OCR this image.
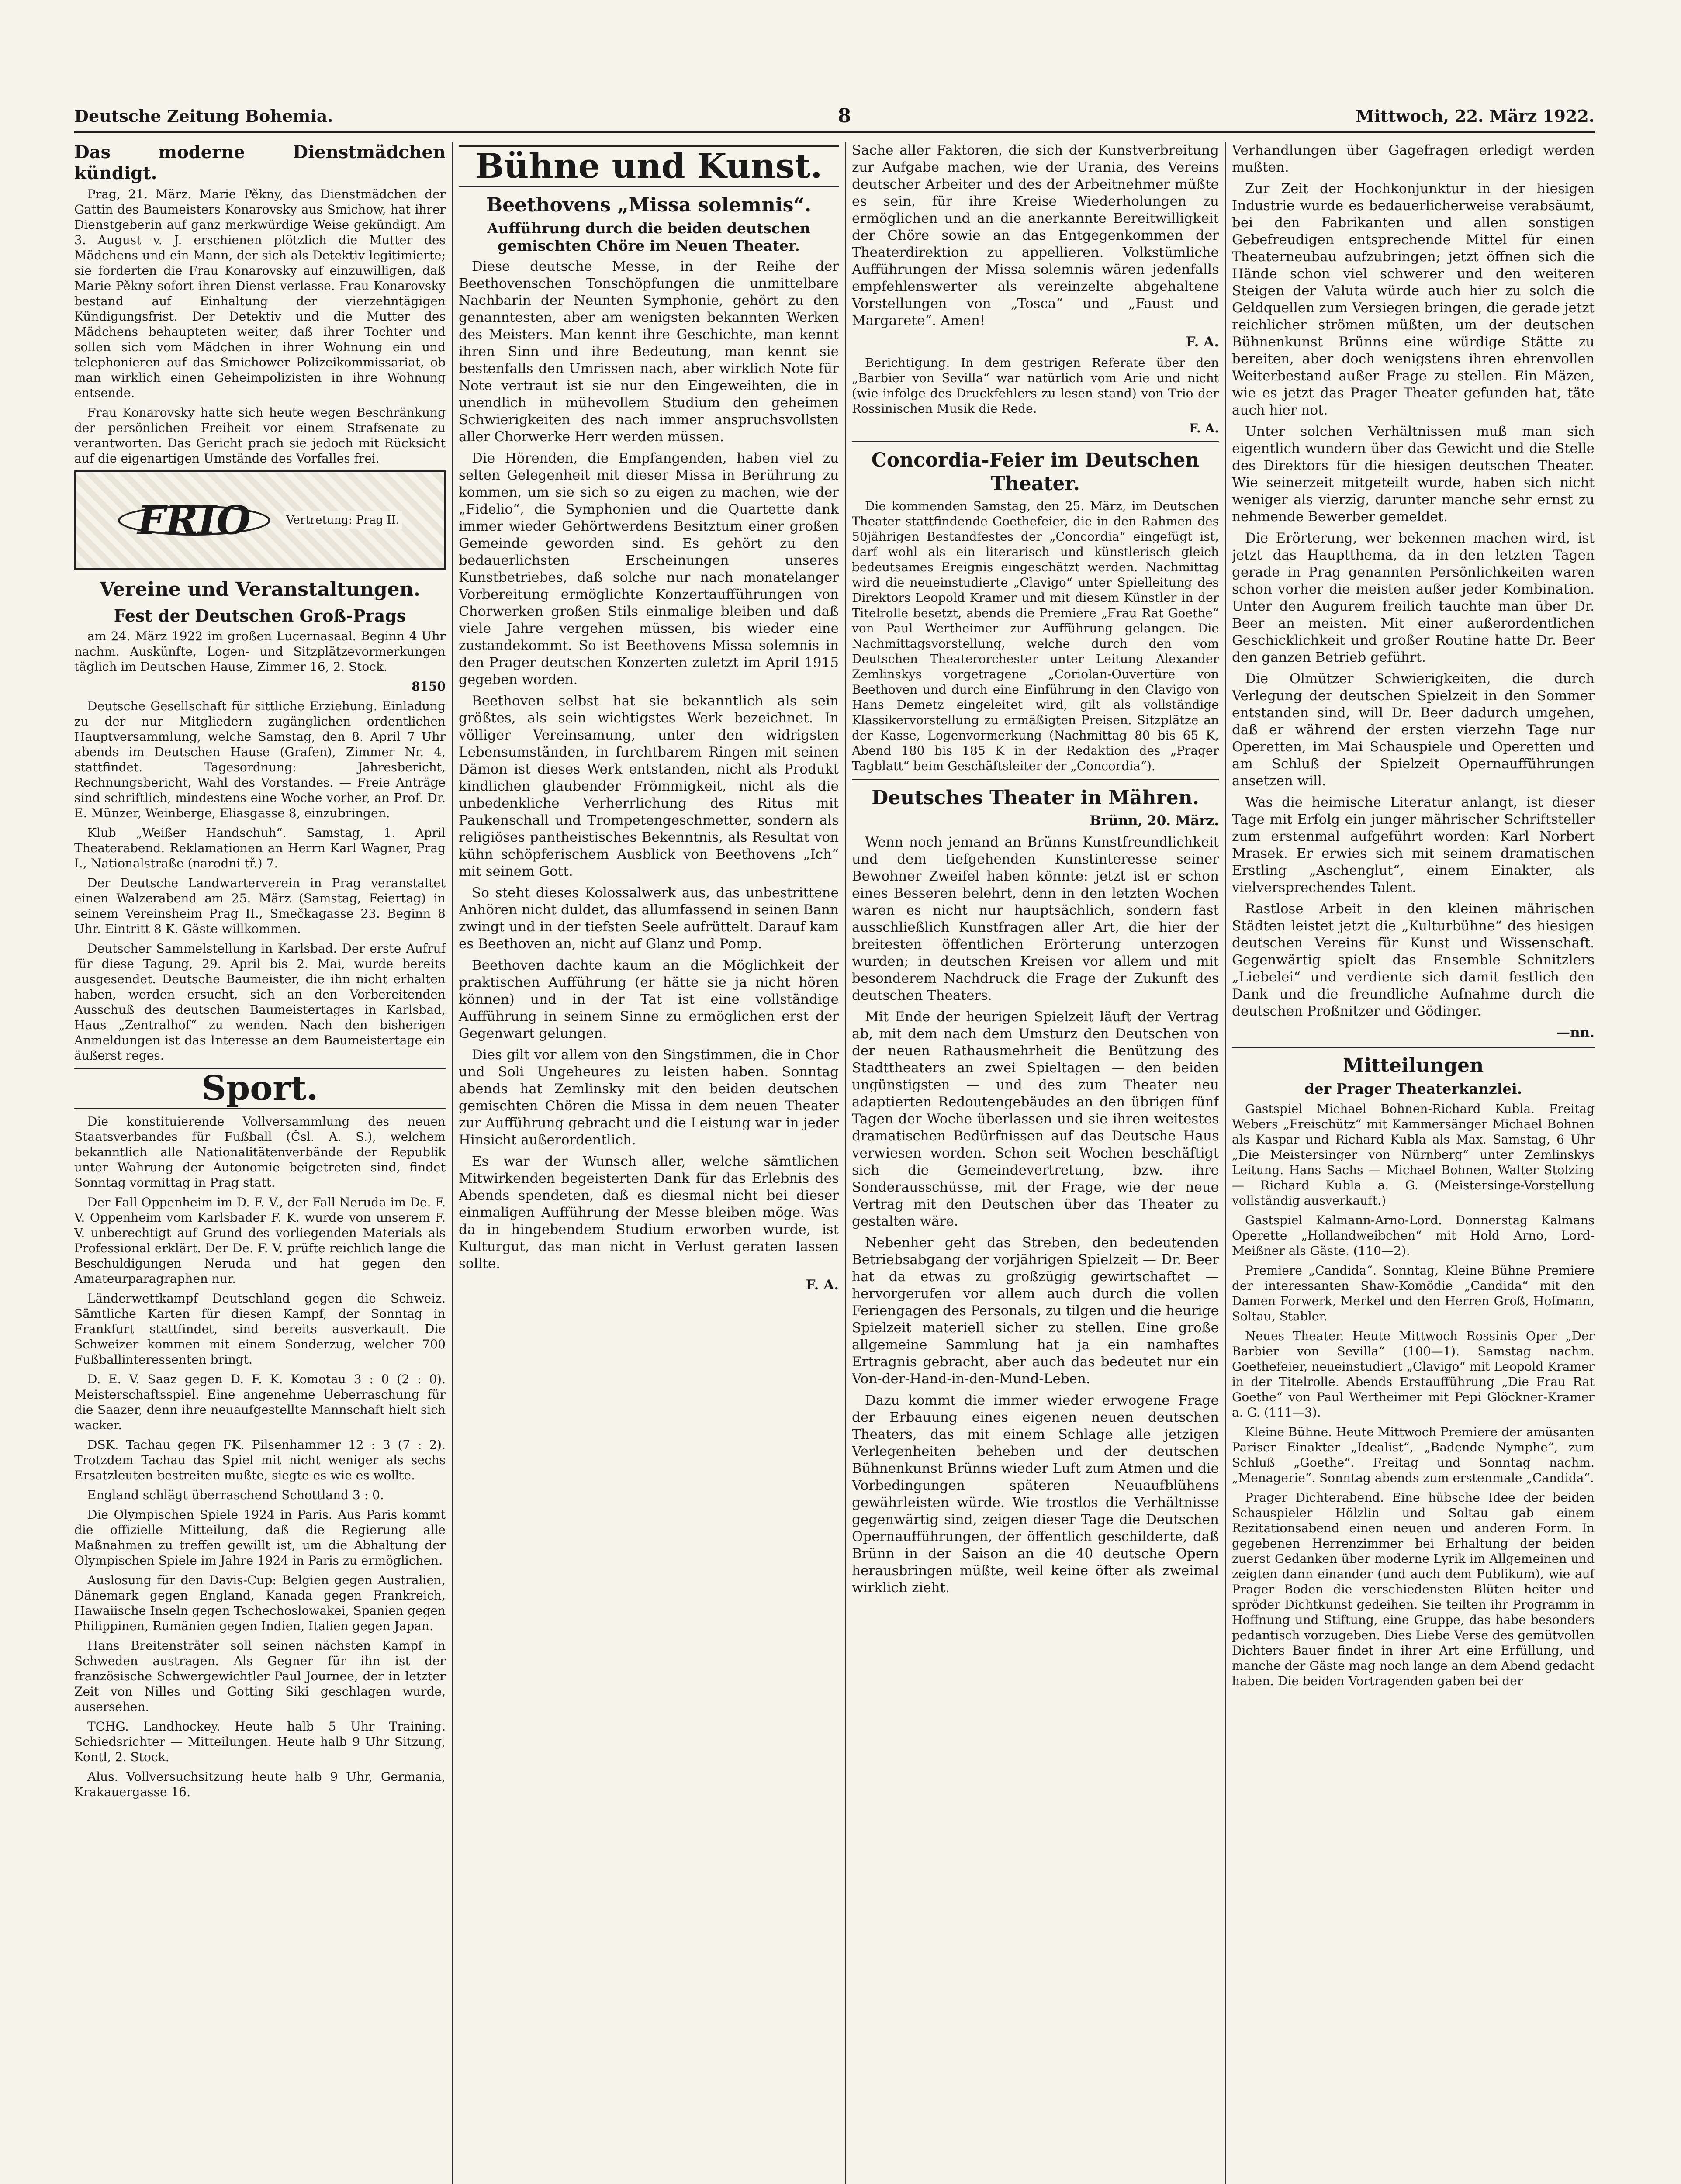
Deutsche Zeitung Bohemia.	8	Mittwoch, 22. März 1922.
Das moderne Dienstmädchen kündigt.

Prag, 21. März. Marie Pěkny, das Dienstmädchen der Gattin des Baumeisters Konarovsky aus Smichow, hat ihrer Dienstgeberin auf ganz merkwürdige Weise gekündigt. Am 3. August v. J. erschienen plötzlich die Mutter des Mädchens und ein Mann, der sich als Detektiv legitimierte; sie forderten die Frau Konarovsky auf einzuwilligen, daß Marie Pěkny sofort ihren Dienst verlasse. Frau Konarovsky bestand auf Einhaltung der vierzehntägigen Kündigungsfrist. Der Detektiv und die Mutter des Mädchens behaupteten weiter, daß ihrer Tochter und sollen sich vom Mädchen in ihrer Wohnung ein und telephonieren auf das Smichower Polizeikommissariat, ob man wirklich einen Geheimpolizisten in ihre Wohnung entsende.

Frau Konarovsky hatte sich heute wegen Beschränkung der persönlichen Freiheit vor einem Strafsenate zu verantworten. Das Gericht prach sie jedoch mit Rücksicht auf die eigenartigen Umstände des Vorfalles frei.

FRIO	Vertretung: Prag II.
Vereine und Veranstaltungen.
Fest der Deutschen Groß-Prags

am 24. März 1922 im großen Lucernasaal. Beginn 4 Uhr nachm. Auskünfte, Logen- und Sitzplätzevormerkungen täglich im Deutschen Hause, Zimmer 16, 2. Stock.

8150

Deutsche Gesellschaft für sittliche Erziehung. Einladung zu der nur Mitgliedern zugänglichen ordentlichen Hauptversammlung, welche Samstag, den 8. April 7 Uhr abends im Deutschen Hause (Grafen), Zimmer Nr. 4, stattfindet. Tagesordnung: Jahresbericht, Rechnungsbericht, Wahl des Vorstandes. — Freie Anträge sind schriftlich, mindestens eine Woche vorher, an Prof. Dr. E. Münzer, Weinberge, Eliasgasse 8, einzubringen.

Klub „Weißer Handschuh“. Samstag, 1. April Theaterabend. Reklamationen an Herrn Karl Wagner, Prag I., Nationalstraße (narodni tř.) 7.

Der Deutsche Landwarterverein in Prag veranstaltet einen Walzerabend am 25. März (Samstag, Feiertag) in seinem Vereinsheim Prag II., Smečkagasse 23. Beginn 8 Uhr. Eintritt 8 K. Gäste willkommen.

Deutscher Sammelstellung in Karlsbad. Der erste Aufruf für diese Tagung, 29. April bis 2. Mai, wurde bereits ausgesendet. Deutsche Baumeister, die ihn nicht erhalten haben, werden ersucht, sich an den Vorbereitenden Ausschuß des deutschen Baumeistertages in Karlsbad, Haus „Zentralhof“ zu wenden. Nach den bisherigen Anmeldungen ist das Interesse an dem Baumeistertage ein äußerst reges.

Sport.

Die konstituierende Vollversammlung des neuen Staatsverbandes für Fußball (Čsl. A. S.), welchem bekanntlich alle Nationalitätenverbände der Republik unter Wahrung der Autonomie beigetreten sind, findet Sonntag vormittag in Prag statt.

Der Fall Oppenheim im D. F. V., der Fall Neruda im De. F. V. Oppenheim vom Karlsbader F. K. wurde von unserem F. V. unberechtigt auf Grund des vorliegenden Materials als Professional erklärt. Der De. F. V. prüfte reichlich lange die Beschuldigungen Neruda und hat gegen den Amateurparagraphen nur.

Länderwettkampf Deutschland gegen die Schweiz. Sämtliche Karten für diesen Kampf, der Sonntag in Frankfurt stattfindet, sind bereits ausverkauft. Die Schweizer kommen mit einem Sonderzug, welcher 700 Fußballinteressenten bringt.

D. E. V. Saaz gegen D. F. K. Komotau 3 : 0 (2 : 0). Meisterschaftsspiel. Eine angenehme Ueberraschung für die Saazer, denn ihre neuaufgestellte Mannschaft hielt sich wacker.

DSK. Tachau gegen FK. Pilsenhammer 12 : 3 (7 : 2). Trotzdem Tachau das Spiel mit nicht weniger als sechs Ersatzleuten bestreiten mußte, siegte es wie es wollte.

England schlägt überraschend Schottland 3 : 0.

Die Olympischen Spiele 1924 in Paris. Aus Paris kommt die offizielle Mitteilung, daß die Regierung alle Maßnahmen zu treffen gewillt ist, um die Abhaltung der Olympischen Spiele im Jahre 1924 in Paris zu ermöglichen.

Auslosung für den Davis-Cup: Belgien gegen Australien, Dänemark gegen England, Kanada gegen Frankreich, Hawaiische Inseln gegen Tschechoslowakei, Spanien gegen Philippinen, Rumänien gegen Indien, Italien gegen Japan.

Hans Breitensträter soll seinen nächsten Kampf in Schweden austragen. Als Gegner für ihn ist der französische Schwergewichtler Paul Journee, der in letzter Zeit von Nilles und Gotting Siki geschlagen wurde, ausersehen.

TCHG. Landhockey. Heute halb 5 Uhr Training. Schiedsrichter — Mitteilungen. Heute halb 9 Uhr Sitzung, Kontl, 2. Stock.

Alus. Vollversuchsitzung heute halb 9 Uhr, Germania, Krakauergasse 16.

Bühne und Kunst.
Beethovens „Missa solemnis“.
Aufführung durch die beiden deutschen gemischten Chöre im Neuen Theater.

Diese deutsche Messe, in der Reihe der Beethovenschen Tonschöpfungen die unmittelbare Nachbarin der Neunten Symphonie, gehört zu den genanntesten, aber am wenigsten bekannten Werken des Meisters. Man kennt ihre Geschichte, man kennt ihren Sinn und ihre Bedeutung, man kennt sie bestenfalls den Umrissen nach, aber wirklich Note für Note vertraut ist sie nur den Eingeweihten, die in unendlich in mühevollem Studium den geheimen Schwierigkeiten des nach immer anspruchsvollsten aller Chorwerke Herr werden müssen.

Die Hörenden, die Empfangenden, haben viel zu selten Gelegenheit mit dieser Missa in Berührung zu kommen, um sie sich so zu eigen zu machen, wie der „Fidelio“, die Symphonien und die Quartette dank immer wieder Gehörtwerdens Besitztum einer großen Gemeinde geworden sind. Es gehört zu den bedauerlichsten Erscheinungen unseres Kunstbetriebes, daß solche nur nach monatelanger Vorbereitung ermöglichte Konzertaufführungen von Chorwerken großen Stils einmalige bleiben und daß viele Jahre vergehen müssen, bis wieder eine zustandekommt. So ist Beethovens Missa solemnis in den Prager deutschen Konzerten zuletzt im April 1915 gegeben worden.

Beethoven selbst hat sie bekanntlich als sein größtes, als sein wichtigstes Werk bezeichnet. In völliger Vereinsamung, unter den widrigsten Lebensumständen, in furchtbarem Ringen mit seinen Dämon ist dieses Werk entstanden, nicht als Produkt kindlichen glaubender Frömmigkeit, nicht als die unbedenkliche Verherrlichung des Ritus mit Paukenschall und Trompetengeschmetter, sondern als religiöses pantheistisches Bekenntnis, als Resultat von kühn schöpferischem Ausblick von Beethovens „Ich“ mit seinem Gott.

So steht dieses Kolossalwerk aus, das unbestrittene Anhören nicht duldet, das allumfassend in seinen Bann zwingt und in der tiefsten Seele aufrüttelt. Darauf kam es Beethoven an, nicht auf Glanz und Pomp.

Beethoven dachte kaum an die Möglichkeit der praktischen Aufführung (er hätte sie ja nicht hören können) und in der Tat ist eine vollständige Aufführung in seinem Sinne zu ermöglichen erst der Gegenwart gelungen.

Dies gilt vor allem von den Singstimmen, die in Chor und Soli Ungeheures zu leisten haben. Sonntag abends hat Zemlinsky mit den beiden deutschen gemischten Chören die Missa in dem neuen Theater zur Aufführung gebracht und die Leistung war in jeder Hinsicht außerordentlich.

Es war der Wunsch aller, welche sämtlichen Mitwirkenden begeisterten Dank für das Erlebnis des Abends spendeten, daß es diesmal nicht bei dieser einmaligen Aufführung der Messe bleiben möge. Was da in hingebendem Studium erworben wurde, ist Kulturgut, das man nicht in Verlust geraten lassen sollte.

F. A.

Sache aller Faktoren, die sich der Kunstverbreitung zur Aufgabe machen, wie der Urania, des Vereins deutscher Arbeiter und des der Arbeitnehmer müßte es sein, für ihre Kreise Wiederholungen zu ermöglichen und an die anerkannte Bereitwilligkeit der Chöre sowie an das Entgegenkommen der Theaterdirektion zu appellieren. Volkstümliche Aufführungen der Missa solemnis wären jedenfalls empfehlenswerter als vereinzelte abgehaltene Vorstellungen von „Tosca“ und „Faust und Margarete“. Amen!

F. A.

Berichtigung. In dem gestrigen Referate über den „Barbier von Sevilla“ war natürlich vom Arie und nicht (wie infolge des Druckfehlers zu lesen stand) von Trio der Rossinischen Musik die Rede.

F. A.

Concordia-Feier im Deutschen Theater.

Die kommenden Samstag, den 25. März, im Deutschen Theater stattfindende Goethefeier, die in den Rahmen des 50jährigen Bestandfestes der „Concordia“ eingefügt ist, darf wohl als ein literarisch und künstlerisch gleich bedeutsames Ereignis eingeschätzt werden. Nachmittag wird die neueinstudierte „Clavigo“ unter Spielleitung des Direktors Leopold Kramer und mit diesem Künstler in der Titelrolle besetzt, abends die Premiere „Frau Rat Goethe“ von Paul Wertheimer zur Aufführung gelangen. Die Nachmittagsvorstellung, welche durch den vom Deutschen Theaterorchester unter Leitung Alexander Zemlinskys vorgetragene „Coriolan-Ouvertüre von Beethoven und durch eine Einführung in den Clavigo von Hans Demetz eingeleitet wird, gilt als vollständige Klassikervorstellung zu ermäßigten Preisen. Sitzplätze an der Kasse, Logenvormerkung (Nachmittag 80 bis 65 K, Abend 180 bis 185 K in der Redaktion des „Prager Tagblatt“ beim Geschäftsleiter der „Concordia“).

Deutsches Theater in Mähren.

Brünn, 20. März.

Wenn noch jemand an Brünns Kunstfreundlichkeit und dem tiefgehenden Kunstinteresse seiner Bewohner Zweifel haben könnte: jetzt ist er schon eines Besseren belehrt, denn in den letzten Wochen waren es nicht nur hauptsächlich, sondern fast ausschließlich Kunstfragen aller Art, die hier der breitesten öffentlichen Erörterung unterzogen wurden; in deutschen Kreisen vor allem und mit besonderem Nachdruck die Frage der Zukunft des deutschen Theaters.

Mit Ende der heurigen Spielzeit läuft der Vertrag ab, mit dem nach dem Umsturz den Deutschen von der neuen Rathausmehrheit die Benützung des Stadttheaters an zwei Spieltagen — den beiden ungünstigsten — und des zum Theater neu adaptierten Redoutengebäudes an den übrigen fünf Tagen der Woche überlassen und sie ihren weitestes dramatischen Bedürfnissen auf das Deutsche Haus verwiesen worden. Schon seit Wochen beschäftigt sich die Gemeindevertretung, bzw. ihre Sonderausschüsse, mit der Frage, wie der neue Vertrag mit den Deutschen über das Theater zu gestalten wäre.

Nebenher geht das Streben, den bedeutenden Betriebsabgang der vorjährigen Spielzeit — Dr. Beer hat da etwas zu großzügig gewirtschaftet — hervorgerufen vor allem auch durch die vollen Feriengagen des Personals, zu tilgen und die heurige Spielzeit materiell sicher zu stellen. Eine große allgemeine Sammlung hat ja ein namhaftes Ertragnis gebracht, aber auch das bedeutet nur ein Von-der-Hand-in-den-Mund-Leben.

Dazu kommt die immer wieder erwogene Frage der Erbauung eines eigenen neuen deutschen Theaters, das mit einem Schlage alle jetzigen Verlegenheiten beheben und der deutschen Bühnenkunst Brünns wieder Luft zum Atmen und die Vorbedingungen späteren Neuaufblühens gewährleisten würde. Wie trostlos die Verhältnisse gegenwärtig sind, zeigen dieser Tage die Deutschen Opernaufführungen, der öffentlich geschilderte, daß Brünn in der Saison an die 40 deutsche Opern herausbringen müßte, weil keine öfter als zweimal wirklich zieht.

Verhandlungen über Gagefragen erledigt werden mußten.

Zur Zeit der Hochkonjunktur in der hiesigen Industrie wurde es bedauerlicherweise verabsäumt, bei den Fabrikanten und allen sonstigen Gebefreudigen entsprechende Mittel für einen Theaterneubau aufzubringen; jetzt öffnen sich die Hände schon viel schwerer und den weiteren Steigen der Valuta würde auch hier zu solch die Geldquellen zum Versiegen bringen, die gerade jetzt reichlicher strömen müßten, um der deutschen Bühnenkunst Brünns eine würdige Stätte zu bereiten, aber doch wenigstens ihren ehrenvollen Weiterbestand außer Frage zu stellen. Ein Mäzen, wie es jetzt das Prager Theater gefunden hat, täte auch hier not.

Unter solchen Verhältnissen muß man sich eigentlich wundern über das Gewicht und die Stelle des Direktors für die hiesigen deutschen Theater. Wie seinerzeit mitgeteilt wurde, haben sich nicht weniger als vierzig, darunter manche sehr ernst zu nehmende Bewerber gemeldet.

Die Erörterung, wer bekennen machen wird, ist jetzt das Hauptthema, da in den letzten Tagen gerade in Prag genannten Persönlichkeiten waren schon vorher die meisten außer jeder Kombination. Unter den Augurem freilich tauchte man über Dr. Beer an meisten. Mit einer außerordentlichen Geschicklichkeit und großer Routine hatte Dr. Beer den ganzen Betrieb geführt.

Die Olmützer Schwierigkeiten, die durch Verlegung der deutschen Spielzeit in den Sommer entstanden sind, will Dr. Beer dadurch umgehen, daß er während der ersten vierzehn Tage nur Operetten, im Mai Schauspiele und Operetten und am Schluß der Spielzeit Opernaufführungen ansetzen will.

Was die heimische Literatur anlangt, ist dieser Tage mit Erfolg ein junger mährischer Schriftsteller zum erstenmal aufgeführt worden: Karl Norbert Mrasek. Er erwies sich mit seinem dramatischen Erstling „Aschenglut“, einem Einakter, als vielversprechendes Talent.

Rastlose Arbeit in den kleinen mährischen Städten leistet jetzt die „Kulturbühne“ des hiesigen deutschen Vereins für Kunst und Wissenschaft. Gegenwärtig spielt das Ensemble Schnitzlers „Liebelei“ und verdiente sich damit festlich den Dank und die freundliche Aufnahme durch die deutschen Proßnitzer und Gödinger.

—nn.

Mitteilungen
der Prager Theaterkanzlei.

Gastspiel Michael Bohnen-Richard Kubla. Freitag Webers „Freischütz“ mit Kammersänger Michael Bohnen als Kaspar und Richard Kubla als Max. Samstag, 6 Uhr „Die Meistersinger von Nürnberg“ unter Zemlinskys Leitung. Hans Sachs — Michael Bohnen, Walter Stolzing — Richard Kubla a. G. (Meistersinge-Vorstellung vollständig ausverkauft.)

Gastspiel Kalmann-Arno-Lord. Donnerstag Kalmans Operette „Hollandweibchen“ mit Hold Arno, Lord-Meißner als Gäste. (110—2).

Premiere „Candida“. Sonntag, Kleine Bühne Premiere der interessanten Shaw-Komödie „Candida“ mit den Damen Forwerk, Merkel und den Herren Groß, Hofmann, Soltau, Stabler.

Neues Theater. Heute Mittwoch Rossinis Oper „Der Barbier von Sevilla“ (100—1). Samstag nachm. Goethefeier, neueinstudiert „Clavigo“ mit Leopold Kramer in der Titelrolle. Abends Erstaufführung „Die Frau Rat Goethe“ von Paul Wertheimer mit Pepi Glöckner-Kramer a. G. (111—3).

Kleine Bühne. Heute Mittwoch Premiere der amüsanten Pariser Einakter „Idealist“, „Badende Nymphe“, zum Schluß „Goethe“. Freitag und Sonntag nachm. „Menagerie“. Sonntag abends zum erstenmale „Candida“.

Prager Dichterabend. Eine hübsche Idee der beiden Schauspieler Hölzlin und Soltau gab einem Rezitationsabend einen neuen und anderen Form. In gegebenen Herrenzimmer bei Erhaltung der beiden zuerst Gedanken über moderne Lyrik im Allgemeinen und zeigten dann einander (und auch dem Publikum), wie auf Prager Boden die verschiedensten Blüten heiter und spröder Dichtkunst gedeihen. Sie teilten ihr Programm in Hoffnung und Stiftung, eine Gruppe, das habe besonders pedantisch vorzugeben. Dies Liebe Verse des gemütvollen Dichters Bauer findet in ihrer Art eine Erfüllung, und manche der Gäste mag noch lange an dem Abend gedacht haben. Die beiden Vortragenden gaben bei der
